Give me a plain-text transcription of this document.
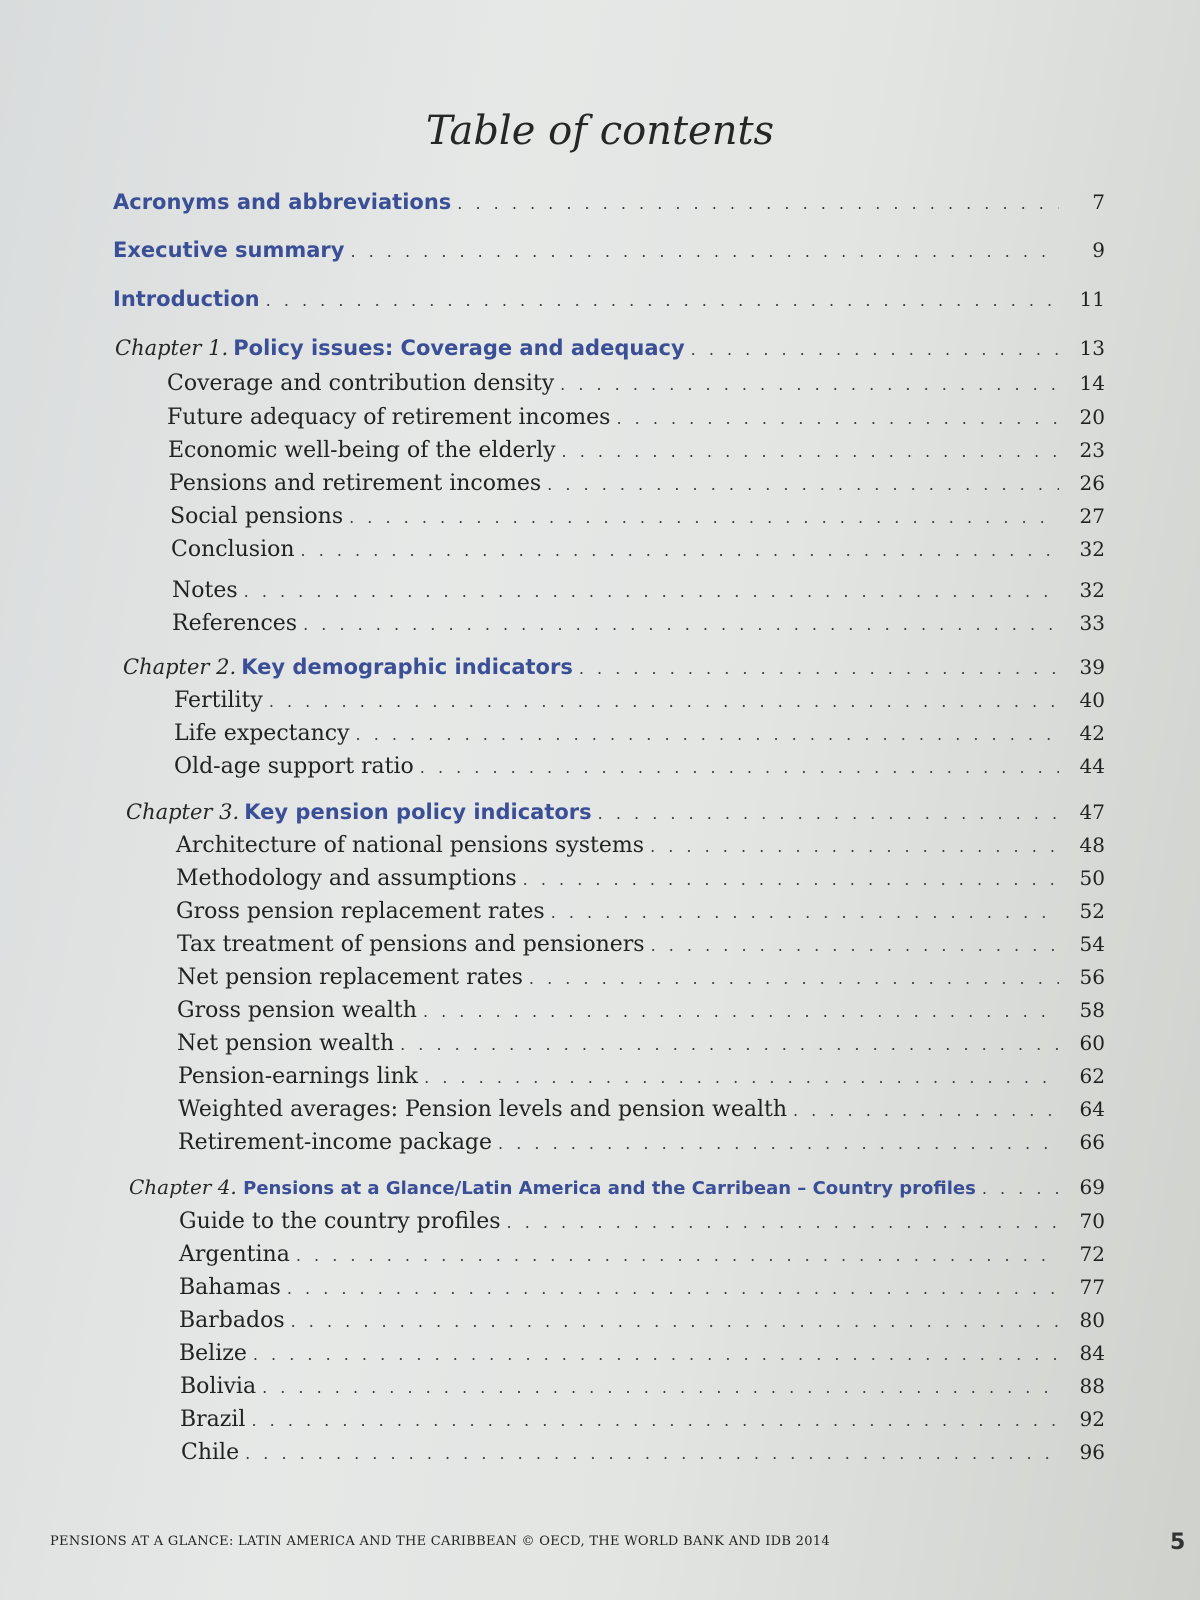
Table of contents
Acronyms and abbreviations . . .	7
Executive summary . . .	9
Introduction . . .	11
Chapter 1. Policy issues: Coverage and adequacy . . .	13
Coverage and contribution density . . .	14
Future adequacy of retirement incomes . . .	20
Economic well-being of the elderly . . .	23
Pensions and retirement incomes . . .	26
Social pensions . . .	27
Conclusion . . .	32
Notes . . .	32
References . . .	33
Chapter 2. Key demographic indicators . . .	39
Fertility . . .	40
Life expectancy . . .	42
Old-age support ratio . . .	44
Chapter 3. Key pension policy indicators . . .	47
Architecture of national pensions systems . . .	48
Methodology and assumptions . . .	50
Gross pension replacement rates . . .	52
Tax treatment of pensions and pensioners . . .	54
Net pension replacement rates . . .	56
Gross pension wealth . . .	58
Net pension wealth . . .	60
Pension-earnings link . . .	62
Weighted averages: Pension levels and pension wealth . . .	64
Retirement-income package . . .	66
Chapter 4. Pensions at a Glance/Latin America and the Carribean – Country profiles . . .	69
Guide to the country profiles . . .	70
Argentina . . .	72
Bahamas . . .	77
Barbados . . .	80
Belize . . .	84
Bolivia . . .	88
Brazil . . .	92
Chile . . .	96
PENSIONS AT A GLANCE: LATIN AMERICA AND THE CARIBBEAN © OECD, THE WORLD BANK AND IDB 2014	5
